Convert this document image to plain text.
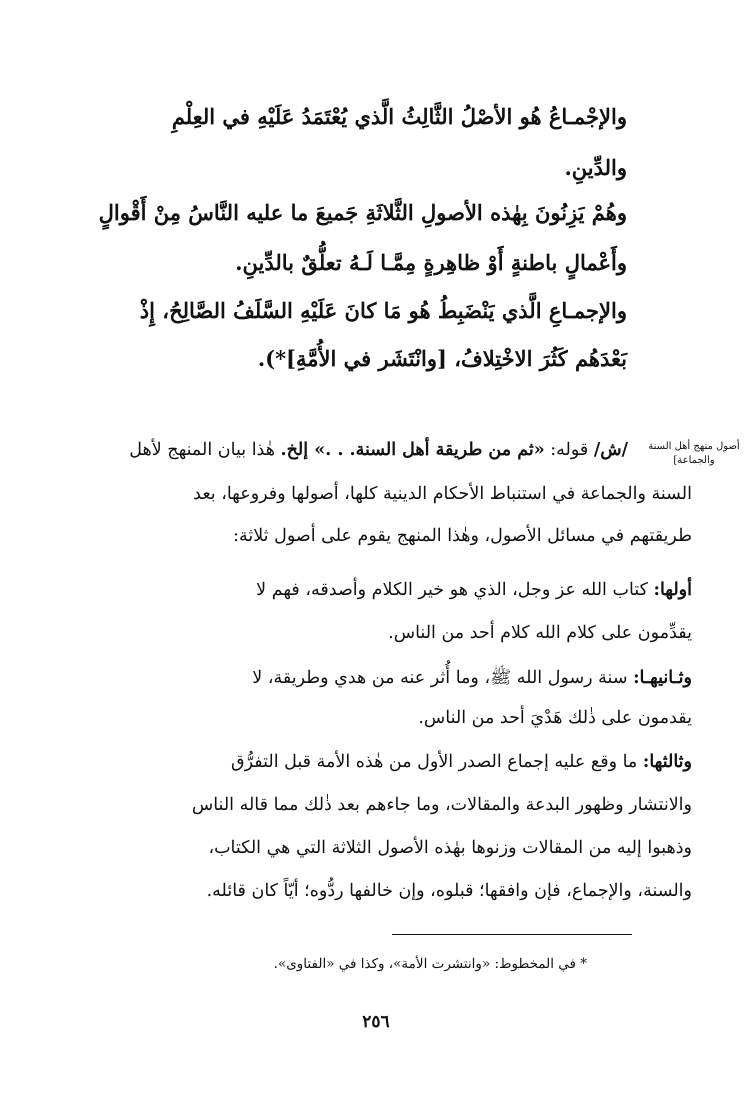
والإجْمـاعُ هُو الأصْلُ الثَّالِثُ الَّذي يُعْتَمَدُ عَلَيْهِ في العِلْمِ
والدِّينِ.
وهُمْ يَزِنُونَ بِهٰذه الأصولِ الثَّلاثَةِ جَميعَ ما عليه النَّاسُ مِنْ أَقْوالٍ
وأَعْمالٍ باطنةٍ أَوْ ظاهِرةٍ مِمَّـا لَـهُ تعلُّقٌ بالدِّينِ.
والإجمـاعِ الَّذي يَنْضَبِطُ هُو مَا كانَ عَلَيْهِ السَّلَفُ الصَّالِحُ، إِذْ
بَعْدَهُم كَثُرَ الاخْتِلافُ، [وانْتَشَر في الأُمَّةِ]*).
أصول منهج أهل السنة والجماعة]
/ش/ قوله: «ثم من طريقة أهل السنة. . .» إلخ. هٰذا بيان المنهج لأهل
السنة والجماعة في استنباط الأحكام الدينية كلها، أصولها وفروعها، بعد
طريقتهم في مسائل الأصول، وهٰذا المنهج يقوم على أصول ثلاثة:
أولها: كتاب الله عز وجل، الذي هو خير الكلام وأصدقه، فهم لا
يقدِّمون على كلام الله كلام أحد من الناس.
وثـانيهـا: سنة رسول الله ﷺ، وما أُثر عنه من هدي وطريقة، لا
يقدمون على ذٰلك هَدْيَ أحد من الناس.
وثالثها: ما وقع عليه إجماع الصدر الأول من هٰذه الأمة قبل التفرُّق
والانتشار وظهور البدعة والمقالات، وما جاءهم بعد ذٰلك مما قاله الناس
وذهبوا إليه من المقالات وزنوها بهٰذه الأصول الثلاثة التي هي الكتاب،
والسنة، والإجماع، فإن وافقها؛ قبلوه، وإن خالفها ردُّوه؛ أيّاً كان قائله.
* في المخطوط: «وانتشرت الأمة»، وكذا في «الفتاوى».
٢٥٦
